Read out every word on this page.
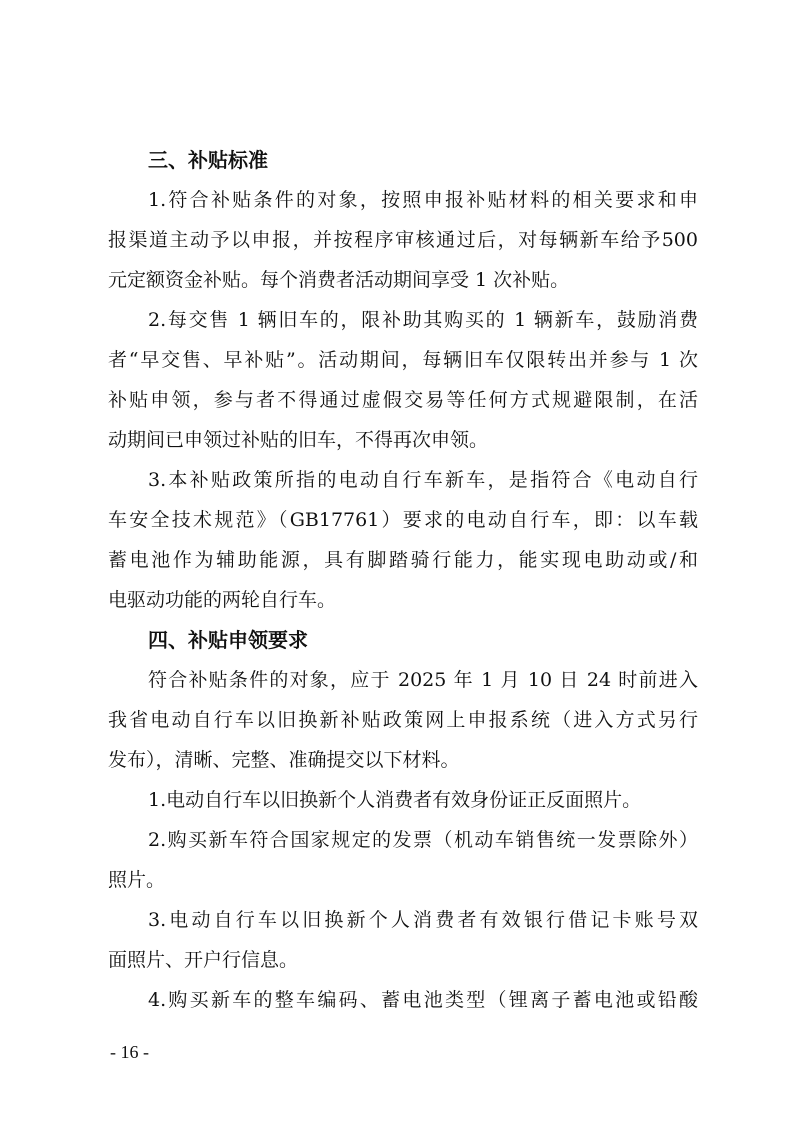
三、补贴标准

1.符合补贴条件的对象，按照申报补贴材料的相关要求和申
报渠道主动予以申报，并按程序审核通过后，对每辆新车给予500
元定额资金补贴。每个消费者活动期间享受 1 次补贴。

2.每交售 1 辆旧车的，限补助其购买的 1 辆新车，鼓励消费
者“早交售、早补贴”。活动期间，每辆旧车仅限转出并参与 1 次
补贴申领，参与者不得通过虚假交易等任何方式规避限制，在活
动期间已申领过补贴的旧车，不得再次申领。

3.本补贴政策所指的电动自行车新车，是指符合《电动自行
车安全技术规范》（GB17761）要求的电动自行车，即：以车载
蓄电池作为辅助能源，具有脚踏骑行能力，能实现电助动或/和
电驱动功能的两轮自行车。

四、补贴申领要求

符合补贴条件的对象，应于 2025 年 1 月 10 日 24 时前进入
我省电动自行车以旧换新补贴政策网上申报系统（进入方式另行
发布），清晰、完整、准确提交以下材料。

1.电动自行车以旧换新个人消费者有效身份证正反面照片。

2.购买新车符合国家规定的发票（机动车销售统一发票除外）
照片。

3.电动自行车以旧换新个人消费者有效银行借记卡账号双
面照片、开户行信息。

4.购买新车的整车编码、蓄电池类型（锂离子蓄电池或铅酸

- 16 -
